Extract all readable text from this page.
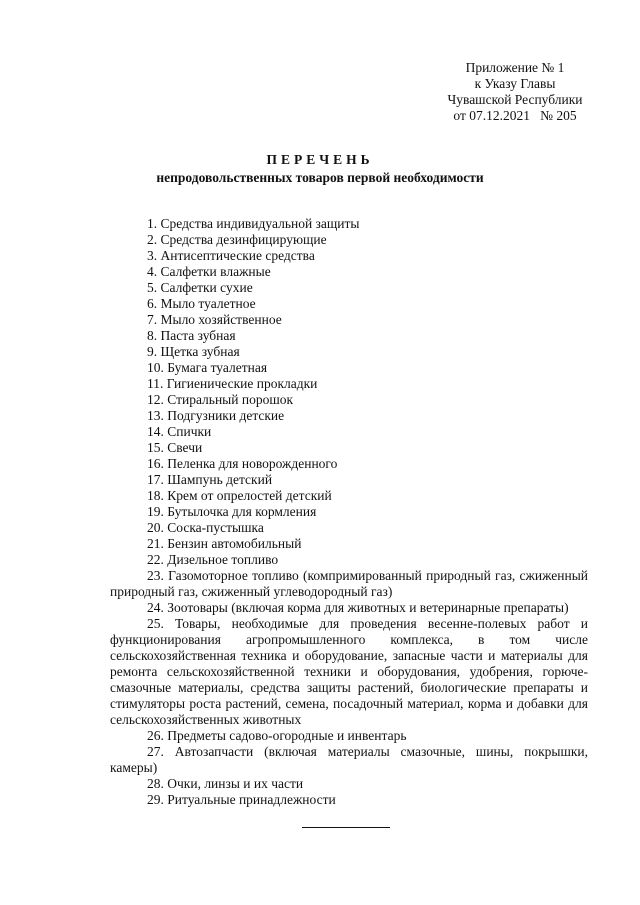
Приложение № 1
к Указу Главы
Чувашской Республики
от 07.12.2021   № 205
ПЕРЕЧЕНЬ
непродовольственных товаров первой необходимости
1. Средства индивидуальной защиты
2. Средства дезинфицирующие
3. Антисептические средства
4. Салфетки влажные
5. Салфетки сухие
6. Мыло туалетное
7. Мыло хозяйственное
8. Паста зубная
9. Щетка зубная
10. Бумага туалетная
11. Гигиенические прокладки
12. Стиральный порошок
13. Подгузники детские
14. Спички
15. Свечи
16. Пеленка для новорожденного
17. Шампунь детский
18. Крем от опрелостей детский
19. Бутылочка для кормления
20. Соска-пустышка
21. Бензин автомобильный
22. Дизельное топливо
23. Газомоторное топливо (компримированный природный газ, сжиженный природный газ, сжиженный углеводородный газ)
24. Зоотовары (включая корма для животных и ветеринарные препараты)
25. Товары, необходимые для проведения весенне-полевых работ и функционирования агропромышленного комплекса, в том числе сельскохозяйственная техника и оборудование, запасные части и материалы для ремонта сельскохозяйственной техники и оборудования, удобрения, горюче-смазочные материалы, средства защиты растений, биологические препараты и стимуляторы роста растений, семена, посадочный материал, корма и добавки для сельскохозяйственных животных
26. Предметы садово-огородные и инвентарь
27. Автозапчасти (включая материалы смазочные, шины, покрышки, камеры)
28. Очки, линзы и их части
29. Ритуальные принадлежности
